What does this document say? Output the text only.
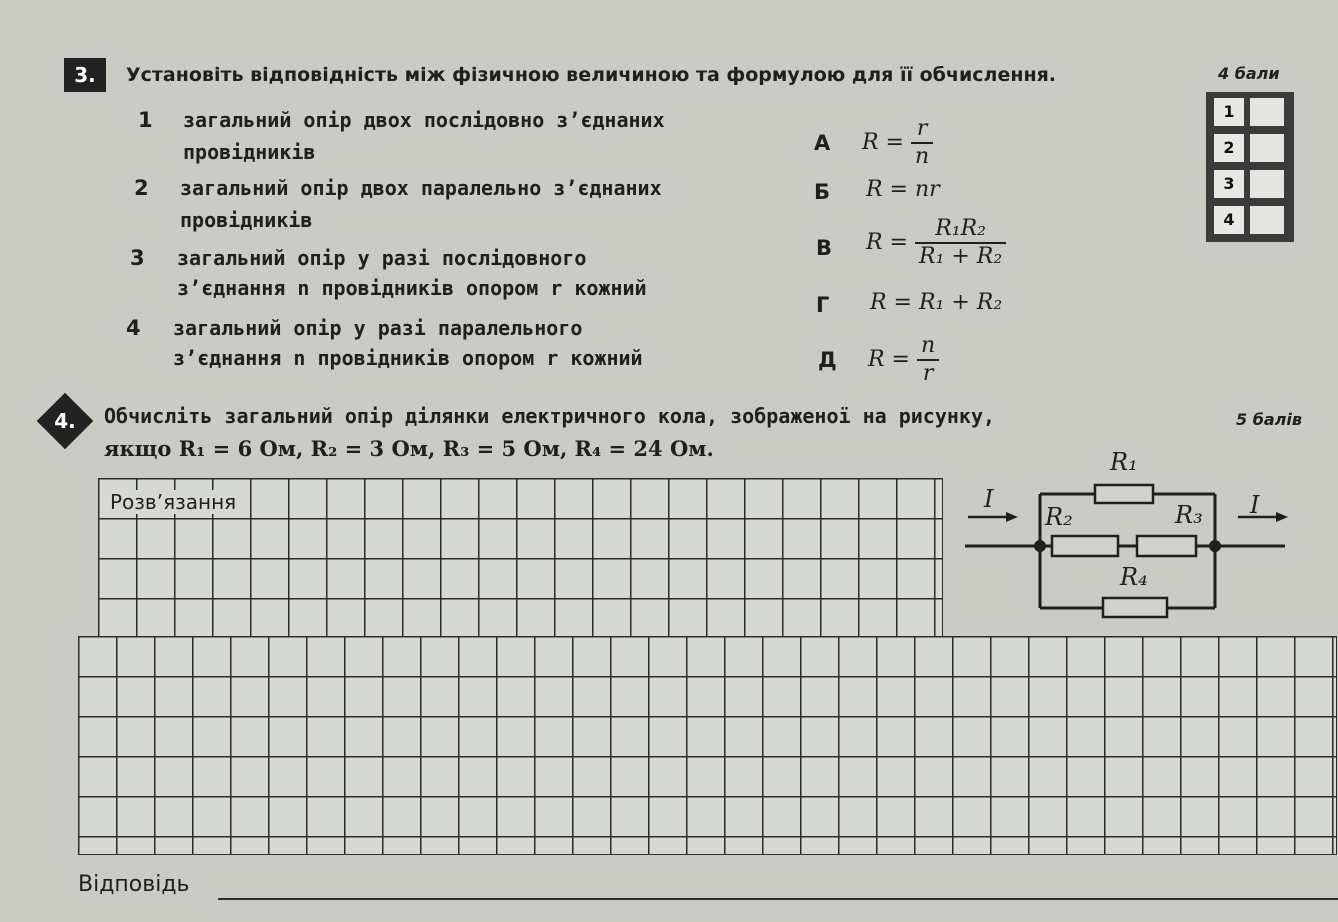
3.	Установіть відповідність між фізичною величиною та формулою для її обчислення.	4 бали
1 загальний опір двох послідовно з’єднаних
провідників
2 загальний опір двох паралельно з’єднаних
провідників
3 загальний опір у разі послідовного
з’єднання n провідників опором r кожний
4 загальний опір у разі паралельного
з’єднання n провідників опором r кожний
А $R = \frac{r}{n}$
Б R = nr
В $R = \frac{\text{R₁R₂}}{\text{R₁ + R₂}}$
Г R = R₁ + R₂
Д $R = \frac{n}{r}$
1
2
3
4
4.	Обчисліть загальний опір ділянки електричного кола, зображеної на рисунку,
якщо R₁ = 6 Ом, R₂ = 3 Ом, R₃ = 5 Ом, R₄ = 24 Ом.
5 балів
Розв’язання	I	I
R₁
R₂	R₃
R₄
Відповідь
